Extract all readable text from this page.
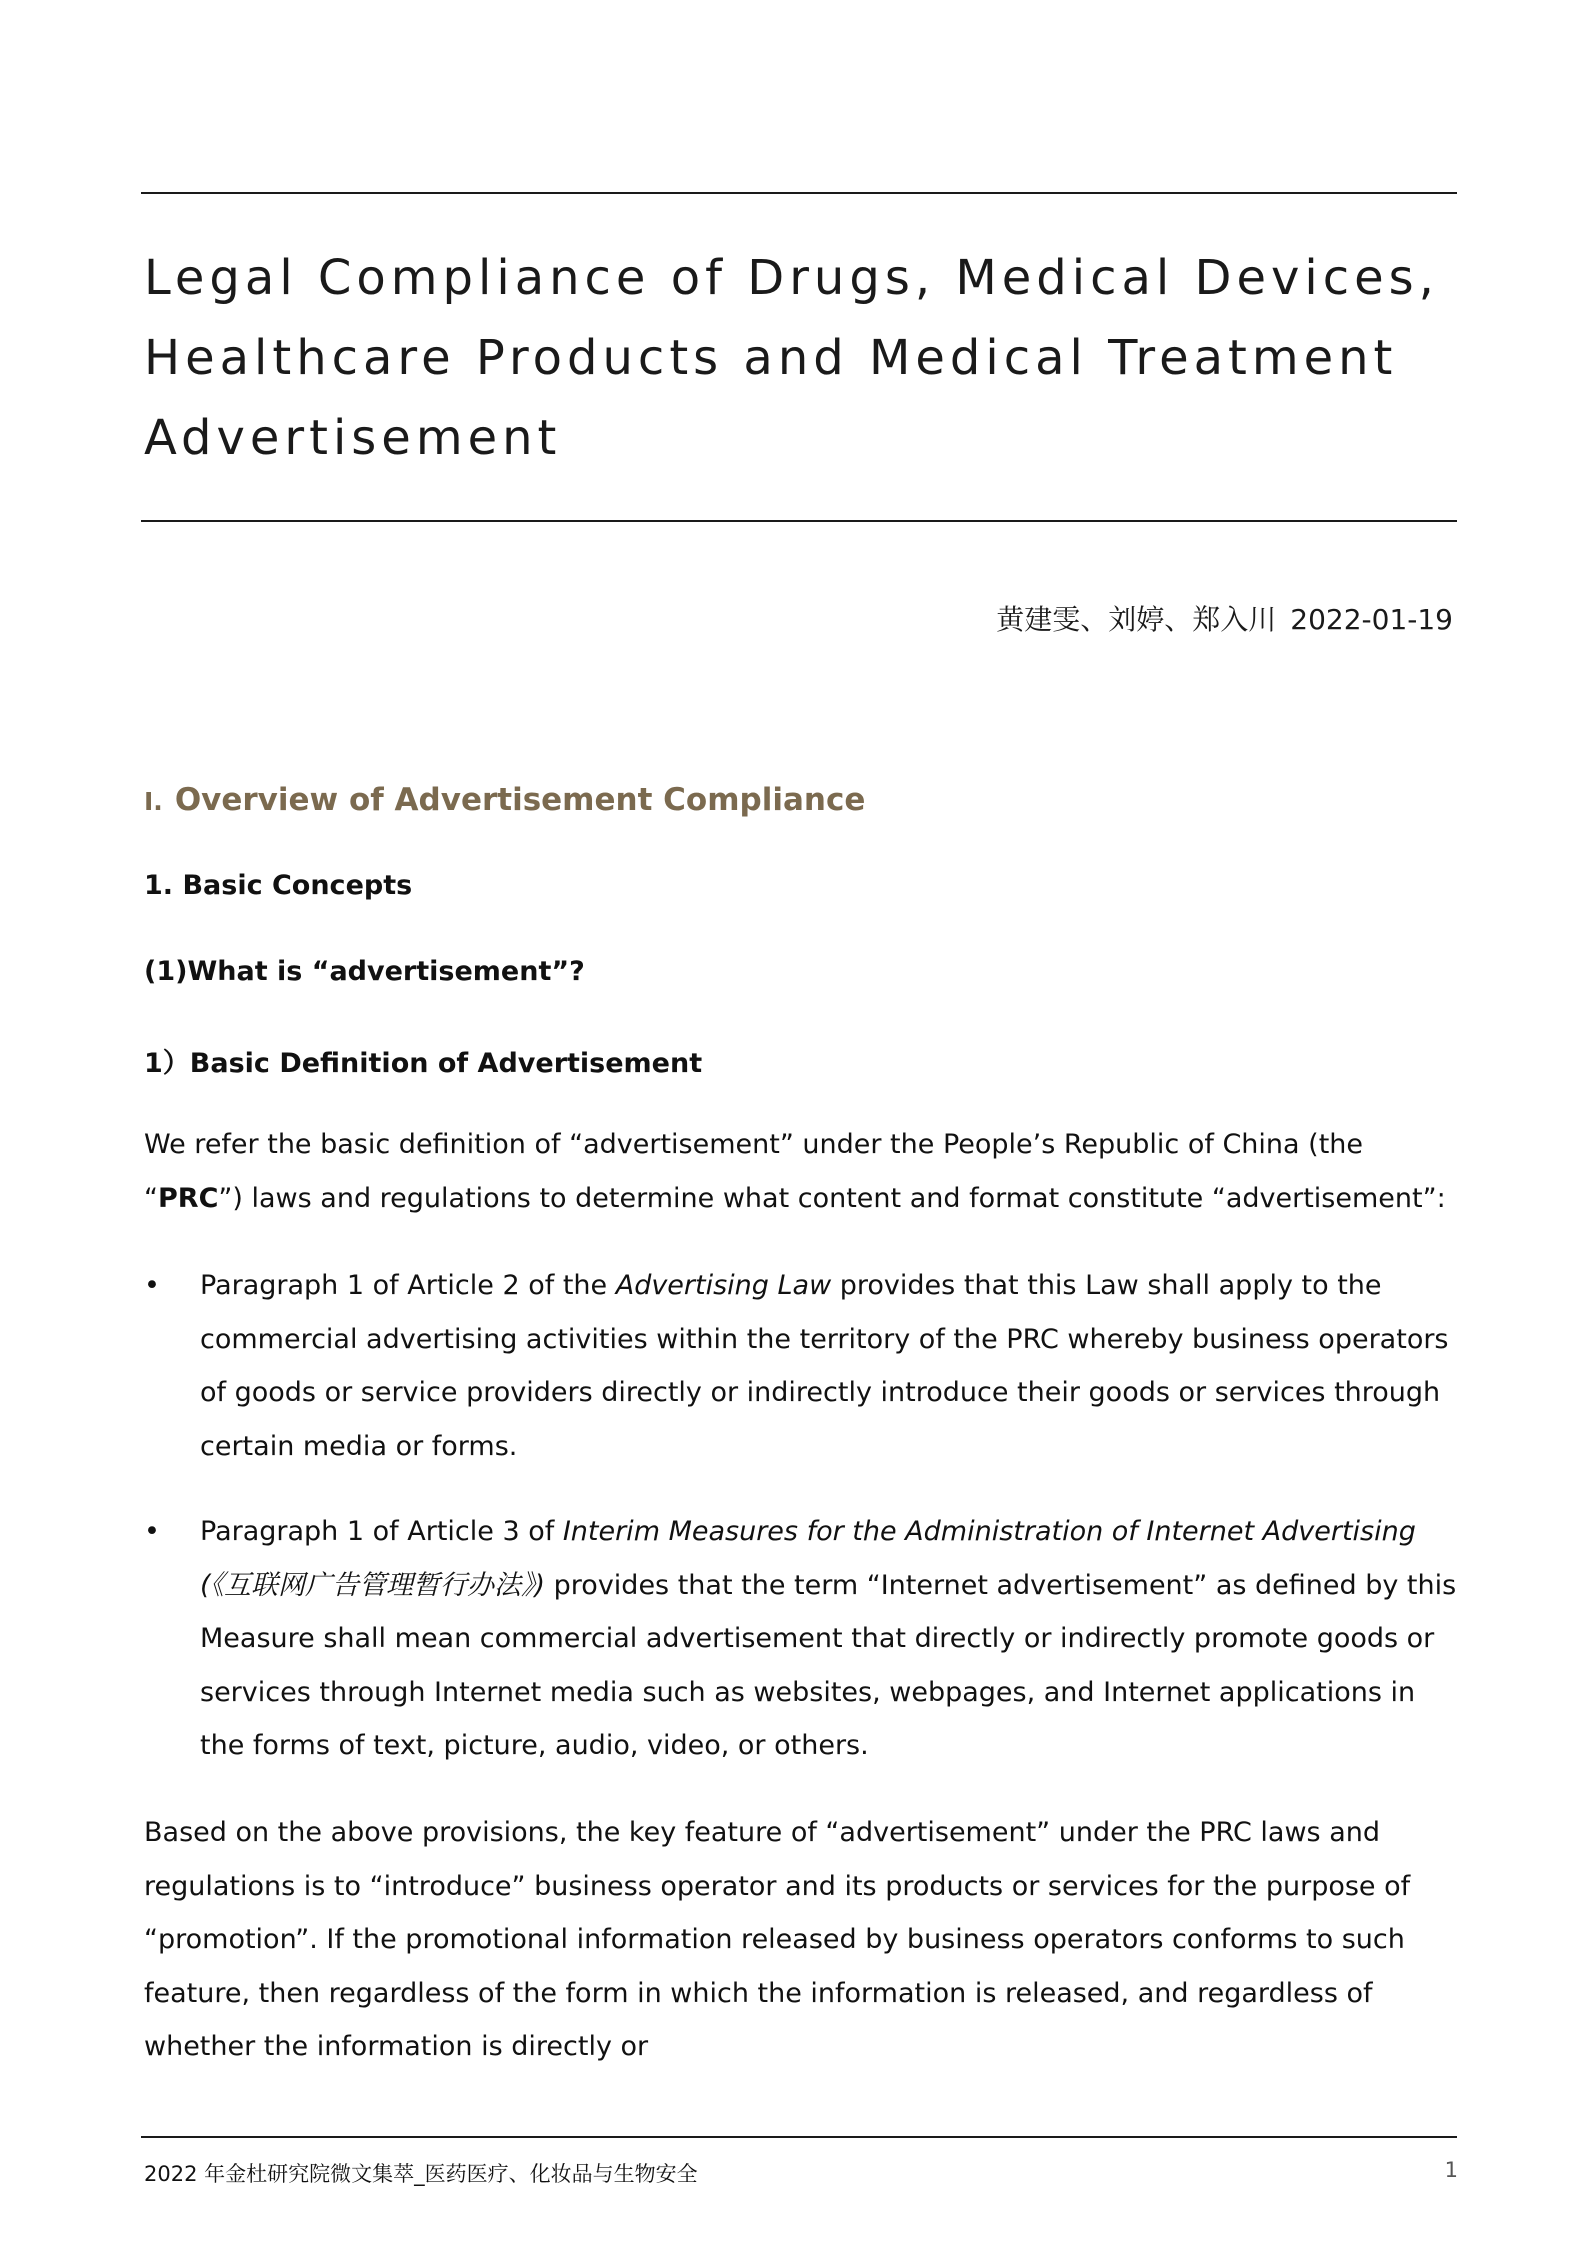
Legal Compliance of Drugs, Medical Devices, Healthcare Products and Medical Treatment Advertisement
黄建雯、刘婷、郑入川 2022-01-19
I. Overview of Advertisement Compliance
1. Basic Concepts
(1)What is “advertisement”?
1）Basic Definition of Advertisement

We refer the basic definition of “advertisement” under the People’s Republic of China (the “PRC”) laws and regulations to determine what content and format constitute “advertisement”:

• Paragraph 1 of Article 2 of the Advertising Law provides that this Law shall apply to the commercial advertising activities within the territory of the PRC whereby business operators of goods or service providers directly or indirectly introduce their goods or services through certain media or forms.

• Paragraph 1 of Article 3 of Interim Measures for the Administration of Internet Advertising (《互联网广告管理暂行办法》) provides that the term “Internet advertisement” as defined by this Measure shall mean commercial advertisement that directly or indirectly promote goods or services through Internet media such as websites, webpages, and Internet applications in the forms of text, picture, audio, video, or others.

Based on the above provisions, the key feature of “advertisement” under the PRC laws and regulations is to “introduce” business operator and its products or services for the purpose of “promotion”. If the promotional information released by business operators conforms to such feature, then regardless of the form in which the information is released, and regardless of whether the information is directly or

2022 年金杜研究院微文集萃_医药医疗、化妆品与生物安全	1
